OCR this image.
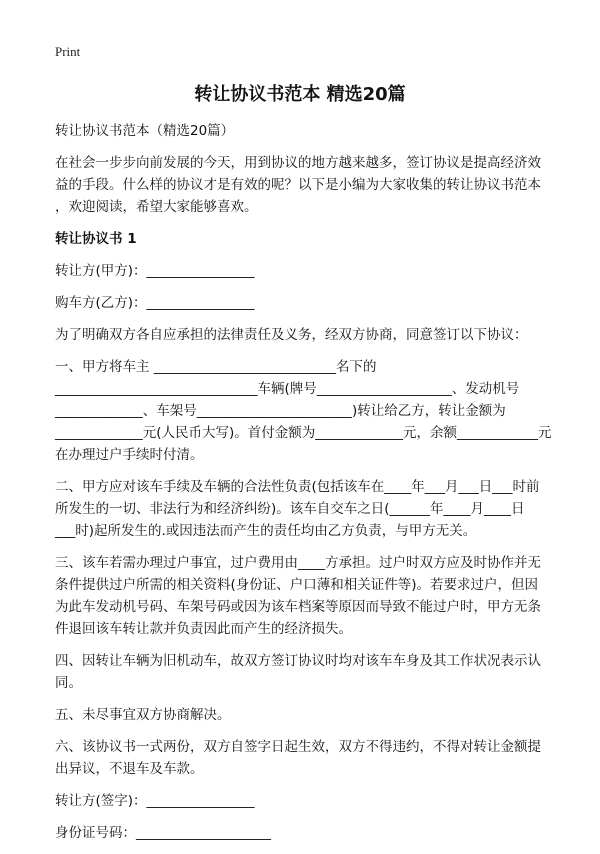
Print
转让协议书范本 精选20篇
转让协议书范本（精选20篇）
在社会一步步向前发展的今天，用到协议的地方越来越多，签订协议是提高经济效
益的手段。什么样的协议才是有效的呢？以下是小编为大家收集的转让协议书范本
，欢迎阅读，希望大家能够喜欢。
转让协议书 1
转让方(甲方)：________________
购车方(乙方)：________________
为了明确双方各自应承担的法律责任及义务，经双方协商，同意签订以下协议：
一、甲方将车主 ___________________________名下的
______________________________车辆(牌号____________________、发动机号
_____________、车架号_______________________)转让给乙方，转让金额为
_____________元(人民币大写)。首付金额为_____________元，余额____________元
在办理过户手续时付清。
二、甲方应对该车手续及车辆的合法性负责(包括该车在____年___月___日___时前
所发生的一切、非法行为和经济纠纷)。该车自交车之日(______年____月____日
___时)起所发生的.或因违法而产生的责任均由乙方负责，与甲方无关。
三、该车若需办理过户事宜，过户费用由____方承担。过户时双方应及时协作并无
条件提供过户所需的相关资料(身份证、户口薄和相关证件等)。若要求过户，但因
为此车发动机号码、车架号码或因为该车档案等原因而导致不能过户时，甲方无条
件退回该车转让款并负责因此而产生的经济损失。
四、因转让车辆为旧机动车，故双方签订协议时均对该车车身及其工作状况表示认
同。
五、未尽事宜双方协商解决。
六、该协议书一式两份，双方自签字日起生效，双方不得违约，不得对转让金额提
出异议，不退车及车款。
转让方(签字)：________________
身份证号码：____________________
